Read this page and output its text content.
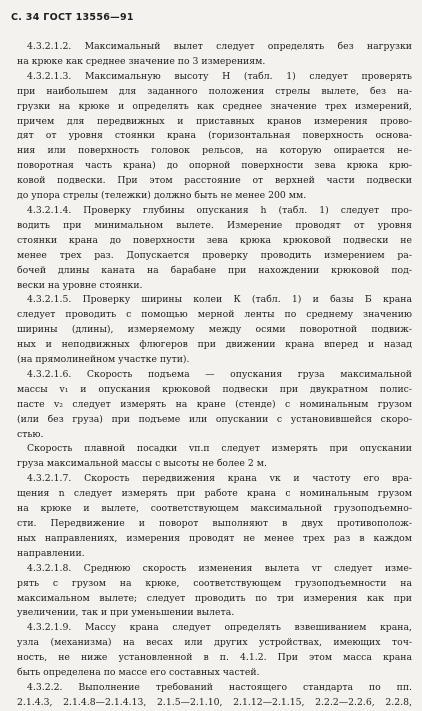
С. 34 ГОСТ 13556—91
4.3.2.1.2. Максимальный вылет следует определять без нагрузки
на крюке как среднее значение по 3 измерениям.
4.3.2.1.3. Максимальную высоту Н (табл. 1) следует проверять
при наибольшем для заданного положения стрелы вылете, без на-
грузки на крюке и определять как среднее значение трех измерений,
причем для передвижных и приставных кранов измерения прово-
дят от уровня стоянки крана (горизонтальная поверхность основа-
ния или поверхность головок рельсов, на которую опирается не-
поворотная часть крана) до опорной поверхности зева крюка крю-
ковой подвески. При этом расстояние от верхней части подвески
до упора стрелы (тележки) должно быть не менее 200 мм.
4.3.2.1.4. Проверку глубины опускания h (табл. 1) следует про-
водить при минимальном вылете. Измерение проводят от уровня
стоянки крана до поверхности зева крюка крюковой подвески не
менее трех раз. Допускается проверку проводить измерением ра-
бочей длины каната на барабане при нахождении крюковой под-
вески на уровне стоянки.
4.3.2.1.5. Проверку ширины колеи К (табл. 1) и базы Б крана
следует проводить с помощью мерной ленты по среднему значению
ширины (длины), измеряемому между осями поворотной подвиж-
ных и неподвижных флюгеров при движении крана вперед и назад
(на прямолинейном участке пути).
4.3.2.1.6. Скорость подъема — опускания груза максимальной
массы v₁ и опускания крюковой подвески при двукратном полис-
пасте v₂ следует измерять на кране (стенде) с номинальным грузом
(или без груза) при подъеме или опускании с установившейся скоро-
стью.
Скорость плавной посадки vп.п следует измерять при опускании
груза максимальной массы с высоты не более 2 м.
4.3.2.1.7. Скорость передвижения крана vк и частоту его вра-
щения n следует измерять при работе крана с номинальным грузом
на крюке и вылете, соответствующем максимальной грузоподъемно-
сти. Передвижение и поворот выполняют в двух противополож-
ных направлениях, измерения проводят не менее трех раз в каждом
направлении.
4.3.2.1.8. Среднюю скорость изменения вылета vг следует изме-
рять с грузом на крюке, соответствующем грузоподъемности на
максимальном вылете; следует проводить по три измерения как при
увеличении, так и при уменьшении вылета.
4.3.2.1.9. Массу крана следует определять взвешиванием крана,
узла (механизма) на весах или других устройствах, имеющих точ-
ность, не ниже установленной в п. 4.1.2. При этом масса крана
быть определена по массе его составных частей.
4.3.2.2. Выполнение требований настоящего стандарта по пп.
2.1.4.3, 2.1.4.8—2.1.4.13, 2.1.5—2.1.10, 2.1.12—2.1.15, 2.2.2—2.2.6, 2.2.8,
